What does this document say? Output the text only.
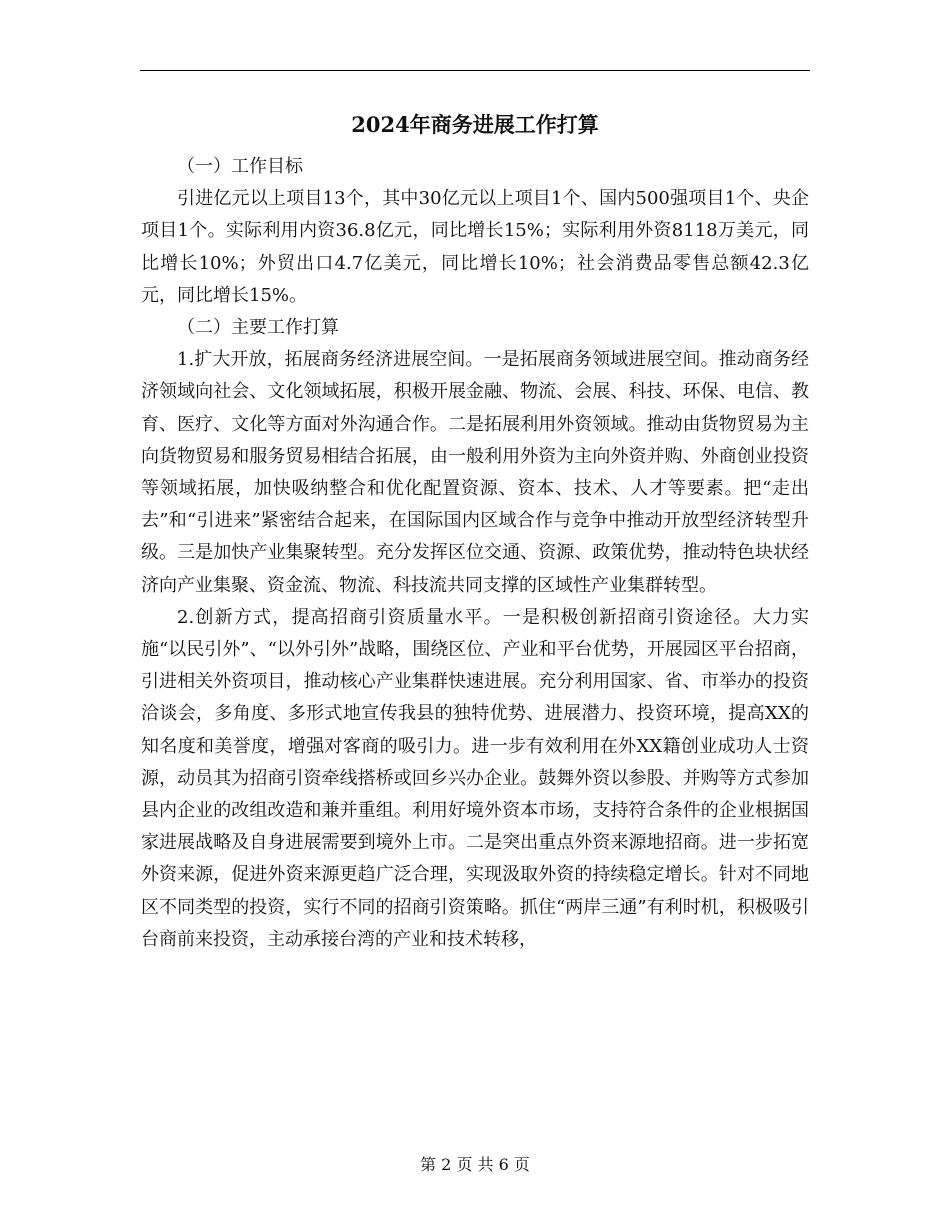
2024年商务进展工作打算

（一）工作目标

引进亿元以上项目13个，其中30亿元以上项目1个、国内500强项目1个、央企项目1个。实际利用内资36.8亿元，同比增长15%；实际利用外资8118万美元，同比增长10%；外贸出口4.7亿美元，同比增长10%；社会消费品零售总额42.3亿元，同比增长15%。

（二）主要工作打算

1.扩大开放，拓展商务经济进展空间。一是拓展商务领域进展空间。推动商务经济领域向社会、文化领域拓展，积极开展金融、物流、会展、科技、环保、电信、教育、医疗、文化等方面对外沟通合作。二是拓展利用外资领域。推动由货物贸易为主向货物贸易和服务贸易相结合拓展，由一般利用外资为主向外资并购、外商创业投资等领域拓展，加快吸纳整合和优化配置资源、资本、技术、人才等要素。把“走出去”和“引进来”紧密结合起来，在国际国内区域合作与竞争中推动开放型经济转型升级。三是加快产业集聚转型。充分发挥区位交通、资源、政策优势，推动特色块状经济向产业集聚、资金流、物流、科技流共同支撑的区域性产业集群转型。

2.创新方式，提高招商引资质量水平。一是积极创新招商引资途径。大力实施“以民引外”、“以外引外”战略，围绕区位、产业和平台优势，开展园区平台招商，引进相关外资项目，推动核心产业集群快速进展。充分利用国家、省、市举办的投资洽谈会，多角度、多形式地宣传我县的独特优势、进展潜力、投资环境，提高XX的知名度和美誉度，增强对客商的吸引力。进一步有效利用在外XX籍创业成功人士资源，动员其为招商引资牵线搭桥或回乡兴办企业。鼓舞外资以参股、并购等方式参加县内企业的改组改造和兼并重组。利用好境外资本市场，支持符合条件的企业根据国家进展战略及自身进展需要到境外上市。二是突出重点外资来源地招商。进一步拓宽外资来源，促进外资来源更趋广泛合理，实现汲取外资的持续稳定增长。针对不同地区不同类型的投资，实行不同的招商引资策略。抓住“两岸三通”有利时机，积极吸引台商前来投资，主动承接台湾的产业和技术转移，

第 2 页 共 6 页
